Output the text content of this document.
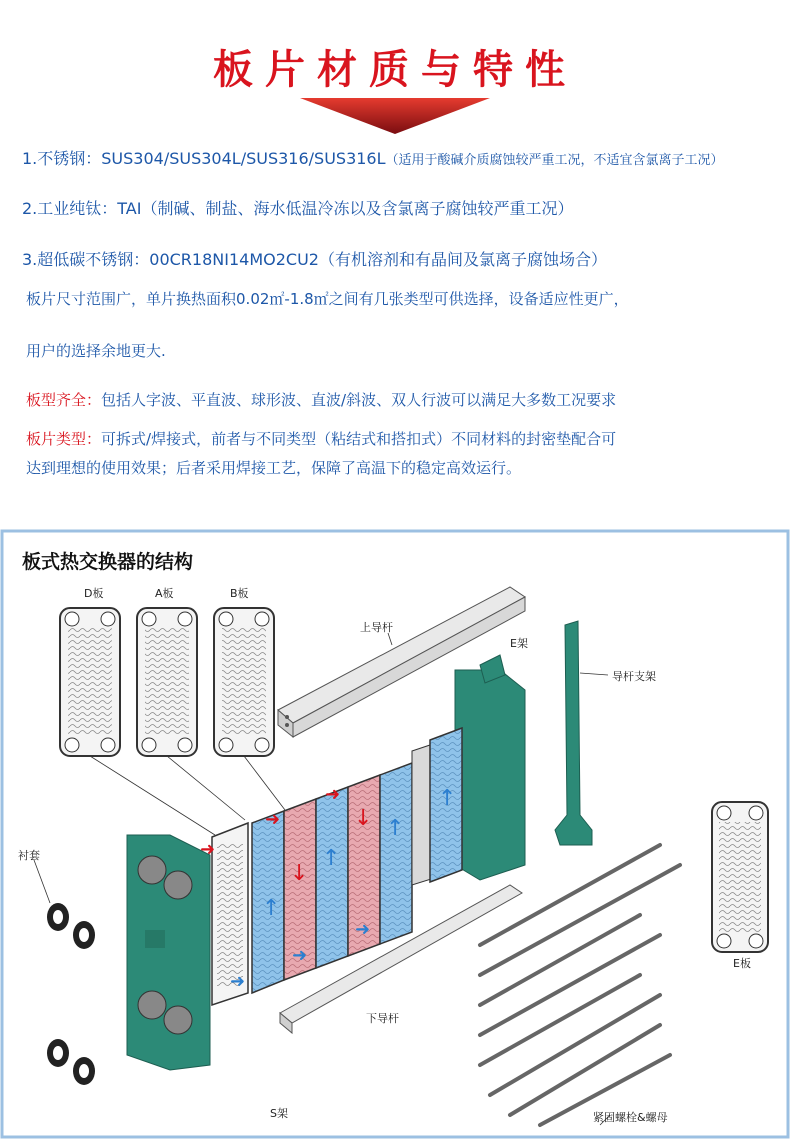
板片材质与特性
1.不锈钢：SUS304/SUS304L/SUS316/SUS316L（适用于酸碱介质腐蚀较严重工况，不适宜含氯离子工况）
2.工业纯钛：TAI（制碱、制盐、海水低温冷冻以及含氯离子腐蚀较严重工况）
3.超低碳不锈钢：00CR18NI14MO2CU2（有机溶剂和有晶间及氯离子腐蚀场合）
板片尺寸范围广，单片换热面积0.02㎡-1.8㎡之间有几张类型可供选择，设备适应性更广，
用户的选择余地更大.
板型齐全：包括人字波、平直波、球形波、直波/斜波、双人行波可以满足大多数工况要求
板片类型：可拆式/焊接式，前者与不同类型（粘结式和搭扣式）不同材料的封密垫配合可
达到理想的使用效果；后者采用焊接工艺，保障了高温下的稳定高效运行。
板式热交换器的结构
➜
➜
➜
➜
➜
➜
↑
↓
↑
↓ ↑
↑
D板	A板	B板
上导杆
E架
导杆支架
衬套
E板
下导杆
S架	紧固螺栓&螺母
